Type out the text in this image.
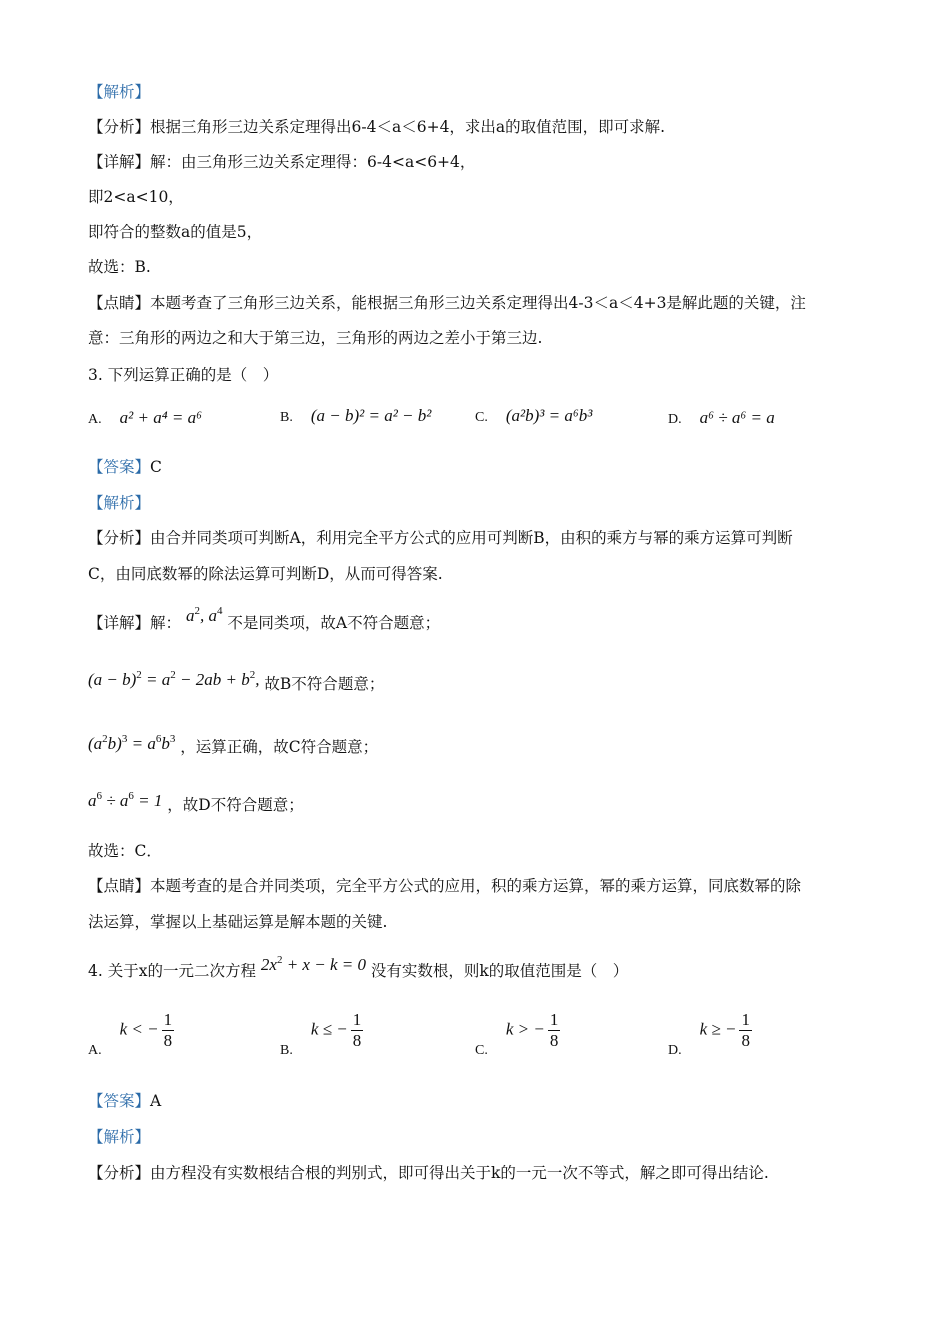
【解析】
【分析】根据三角形三边关系定理得出6-4＜a＜6+4，求出a的取值范围，即可求解.
【详解】解：由三角形三边关系定理得：6-4<a<6+4，
即2<a<10，
即符合的整数a的值是5，
故选：B.
【点睛】本题考查了三角形三边关系，能根据三角形三边关系定理得出4-3＜a＜4+3是解此题的关键，注
意：三角形的两边之和大于第三边，三角形的两边之差小于第三边.
3. 下列运算正确的是（　）
A. a² + a⁴ = a⁶	B. (a − b)² = a² − b²	C. (a²b)³ = a⁶b³	D. a⁶ ÷ a⁶ = a
【答案】C
【解析】
【分析】由合并同类项可判断A，利用完全平方公式的应用可判断B，由积的乘方与幂的乘方运算可判断
C，由同底数幂的除法运算可判断D，从而可得答案.
【详解】解： $a^2$, $a^4$ 不是同类项，故A不符合题意；
$(a - b)^2 = a^2 - 2ab + b^2$, 故B不符合题意；
$(a^2b)^3 = a^6b^3$ ，运算正确，故C符合题意；
$a^6 \div a^6 = 1$ ，故D不符合题意；
故选：C．
【点睛】本题考查的是合并同类项，完全平方公式的应用，积的乘方运算，幂的乘方运算，同底数幂的除
法运算，掌握以上基础运算是解本题的关键.
4. 关于x的一元二次方程 $2x^2 + x - k = 0$ 没有实数根，则k的取值范围是（　）
A.k < − $\frac{1}{8}$	B.k ≤ − $\frac{1}{8}$	C.k > − $\frac{1}{8}$	D.k ≥ − $\frac{1}{8}$
【答案】A
【解析】
【分析】由方程没有实数根结合根的判别式，即可得出关于k的一元一次不等式，解之即可得出结论.
